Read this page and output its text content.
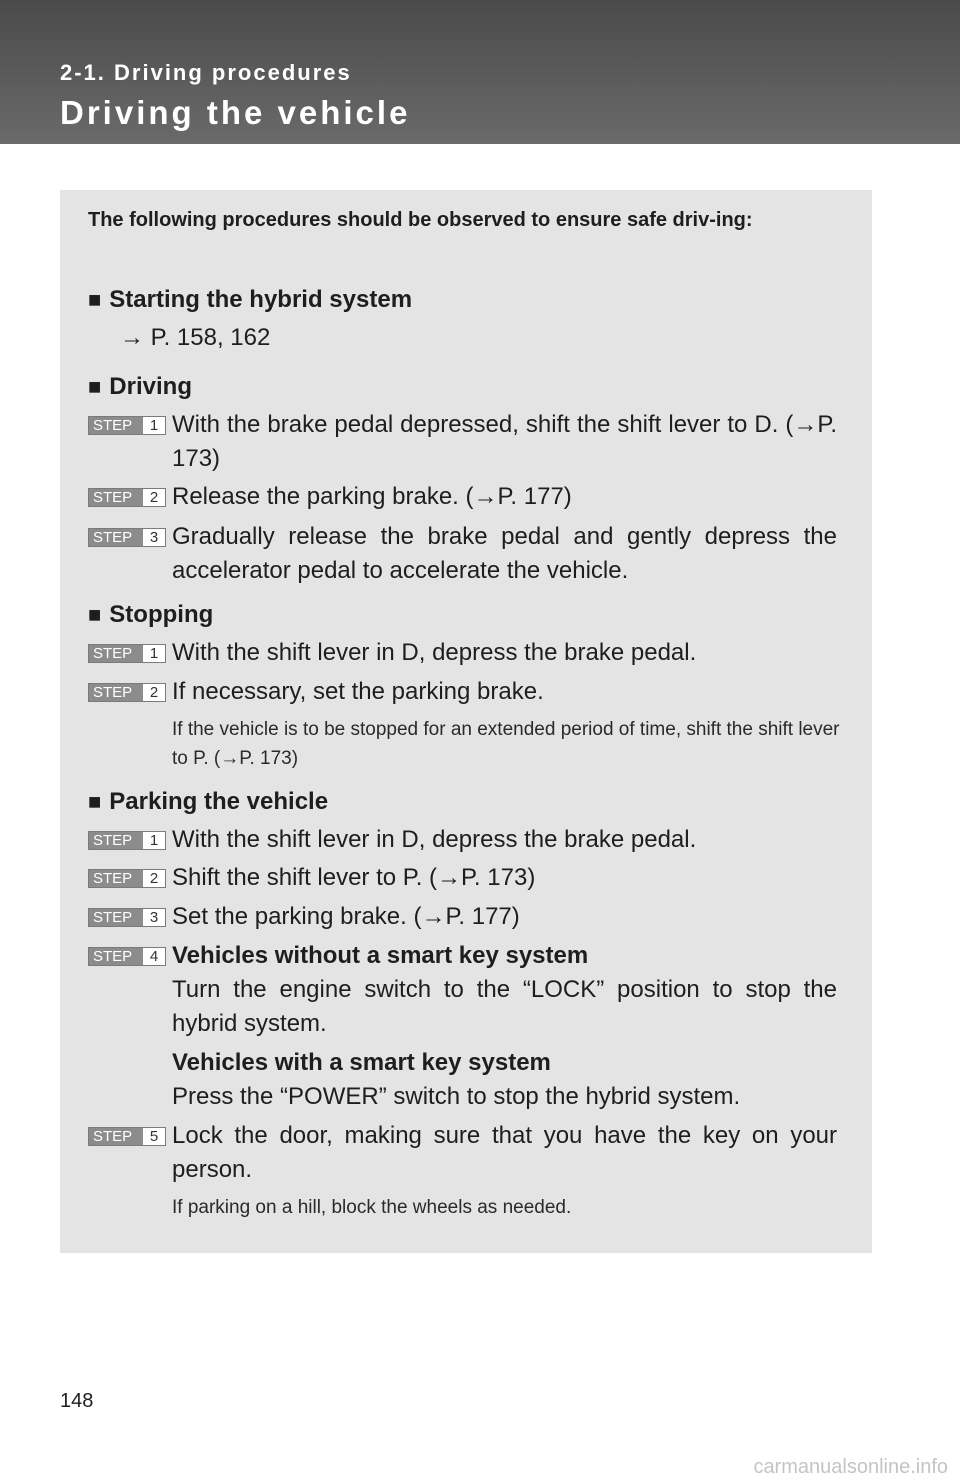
2-1. Driving procedures
Driving the vehicle
The following procedures should be observed to ensure safe driv-ing:
■ Starting the hybrid system
→ P. 158, 162
■ Driving
STEP	1 With the brake pedal depressed, shift the shift lever to D. (→P. 173)
STEP	2 Release the parking brake. (→P. 177)
STEP	3 Gradually release the brake pedal and gently depress the accelerator pedal to accelerate the vehicle.
■ Stopping
STEP	1 With the shift lever in D, depress the brake pedal.
STEP	2 If necessary, set the parking brake.
If the vehicle is to be stopped for an extended period of time, shift the shift lever to P. (→P. 173)
■ Parking the vehicle
STEP	1 With the shift lever in D, depress the brake pedal.
STEP	2 Shift the shift lever to P. (→P. 173)
STEP	3 Set the parking brake. (→P. 177)
STEP	4 Vehicles without a smart key system
Turn the engine switch to the “LOCK” position to stop the hybrid system.
Vehicles with a smart key system
Press the “POWER” switch to stop the hybrid system.
STEP	5 Lock the door, making sure that you have the key on your person.
If parking on a hill, block the wheels as needed.
148
carmanualsonline.info
